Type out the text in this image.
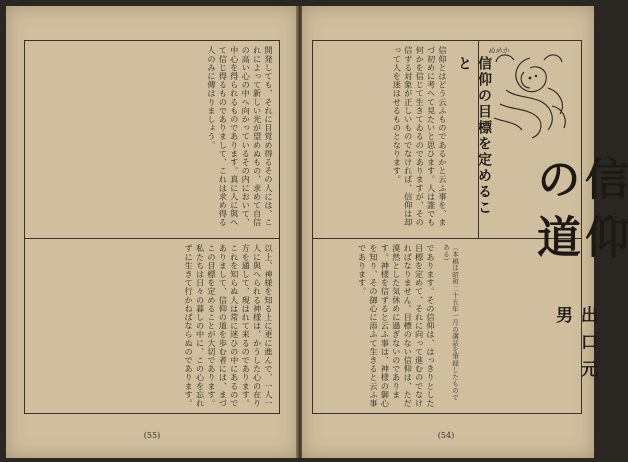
開発しても、それに目覚め得るその人には、これによって新しい光が望めぬもの、求めて自信の高い心の中へ向かっているその内において、中心を得られるものであります。真に人に與へて信じ得るものでありまして、これは求め得る人のみに傳はりましょう。
以上、神様を知る上に更に進んで、一人一人に與へられる神様は、かうした心の在り方を通して、現はれて来るのであります。これを知らぬ人は常に迷ひの中にあるのでありまして、信仰の道を歩む者には、まづこの目標を定めることが大切であります。私たちは日々の暮しの中に、この心を忘れずに生きて行かねばならぬのであります。
(55)
ぬめか
信仰の道
出口元男
信仰の目標を定めること
信仰とはどう云ふものであるかと云ふ事を、まづ初めに考へて見たいと思ひます。人は誰でも何かを信じて生きてゐるのでありますが、その信ずる対象が正しいものでなければ、信仰は却って人を迷はせるものとなります。
（本稿は昭和二十五年一月の講話を筆録したものである）
であります。その信仰は、はっきりとした目標を定めて、それに向って進むのでなければなりません。目標のない信仰は、ただ漠然とした気休めに過ぎないのであります。神様を信ずると云ふ事は、神様の御心を知り、その御心に添ふて生きると云ふ事であります。
(54)
